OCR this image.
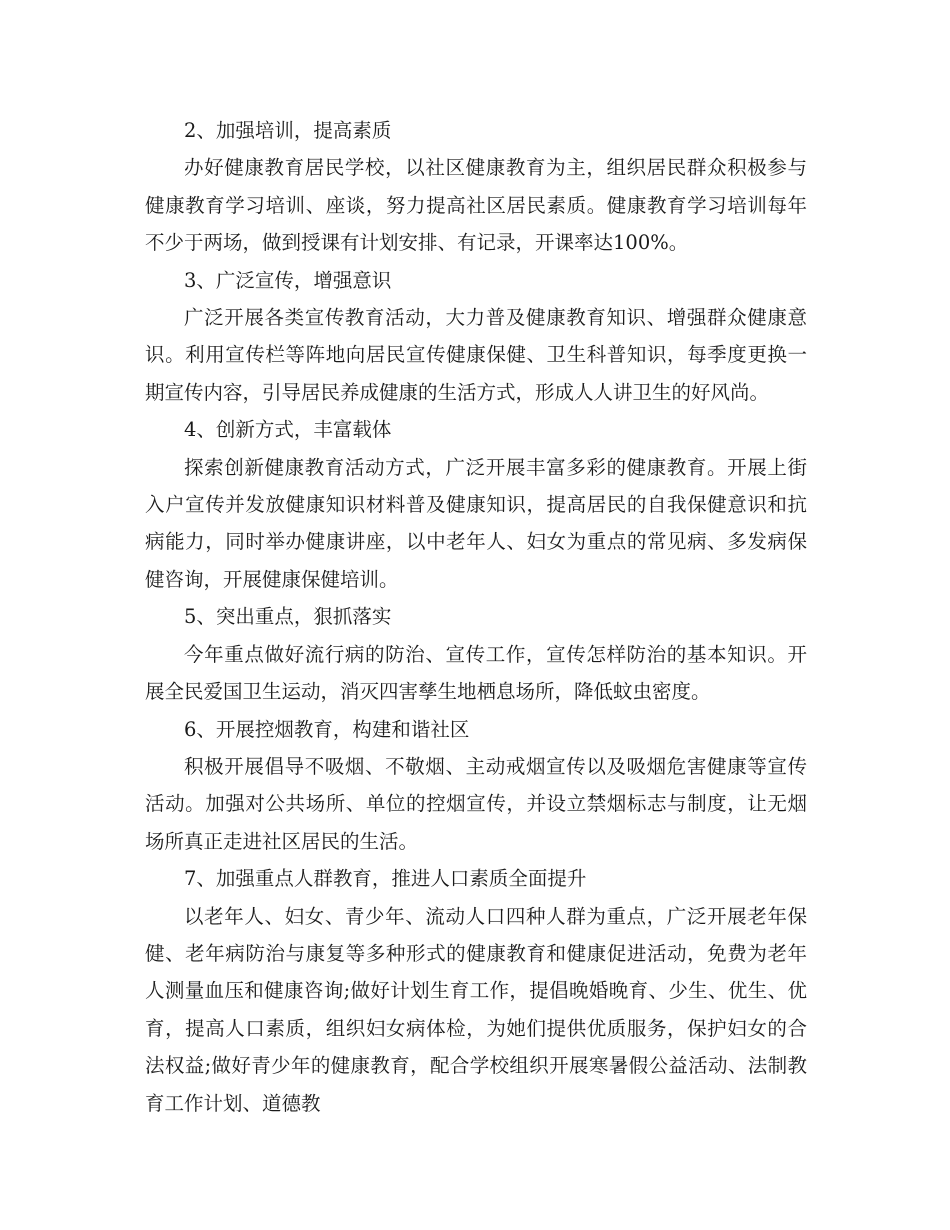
2、加强培训，提高素质

办好健康教育居民学校，以社区健康教育为主，组织居民群众积极参与健康教育学习培训、座谈，努力提高社区居民素质。健康教育学习培训每年不少于两场，做到授课有计划安排、有记录，开课率达100%。

3、广泛宣传，增强意识

广泛开展各类宣传教育活动，大力普及健康教育知识、增强群众健康意识。利用宣传栏等阵地向居民宣传健康保健、卫生科普知识，每季度更换一期宣传内容，引导居民养成健康的生活方式，形成人人讲卫生的好风尚。

4、创新方式，丰富载体

探索创新健康教育活动方式，广泛开展丰富多彩的健康教育。开展上街入户宣传并发放健康知识材料普及健康知识，提高居民的自我保健意识和抗病能力，同时举办健康讲座，以中老年人、妇女为重点的常见病、多发病保健咨询，开展健康保健培训。

5、突出重点，狠抓落实

今年重点做好流行病的防治、宣传工作，宣传怎样防治的基本知识。开展全民爱国卫生运动，消灭四害孳生地栖息场所，降低蚊虫密度。

6、开展控烟教育，构建和谐社区

积极开展倡导不吸烟、不敬烟、主动戒烟宣传以及吸烟危害健康等宣传活动。加强对公共场所、单位的控烟宣传，并设立禁烟标志与制度，让无烟场所真正走进社区居民的生活。

7、加强重点人群教育，推进人口素质全面提升

以老年人、妇女、青少年、流动人口四种人群为重点，广泛开展老年保健、老年病防治与康复等多种形式的健康教育和健康促进活动，免费为老年人测量血压和健康咨询;做好计划生育工作，提倡晚婚晚育、少生、优生、优育，提高人口素质，组织妇女病体检，为她们提供优质服务，保护妇女的合法权益;做好青少年的健康教育，配合学校组织开展寒暑假公益活动、法制教育工作计划、道德教
